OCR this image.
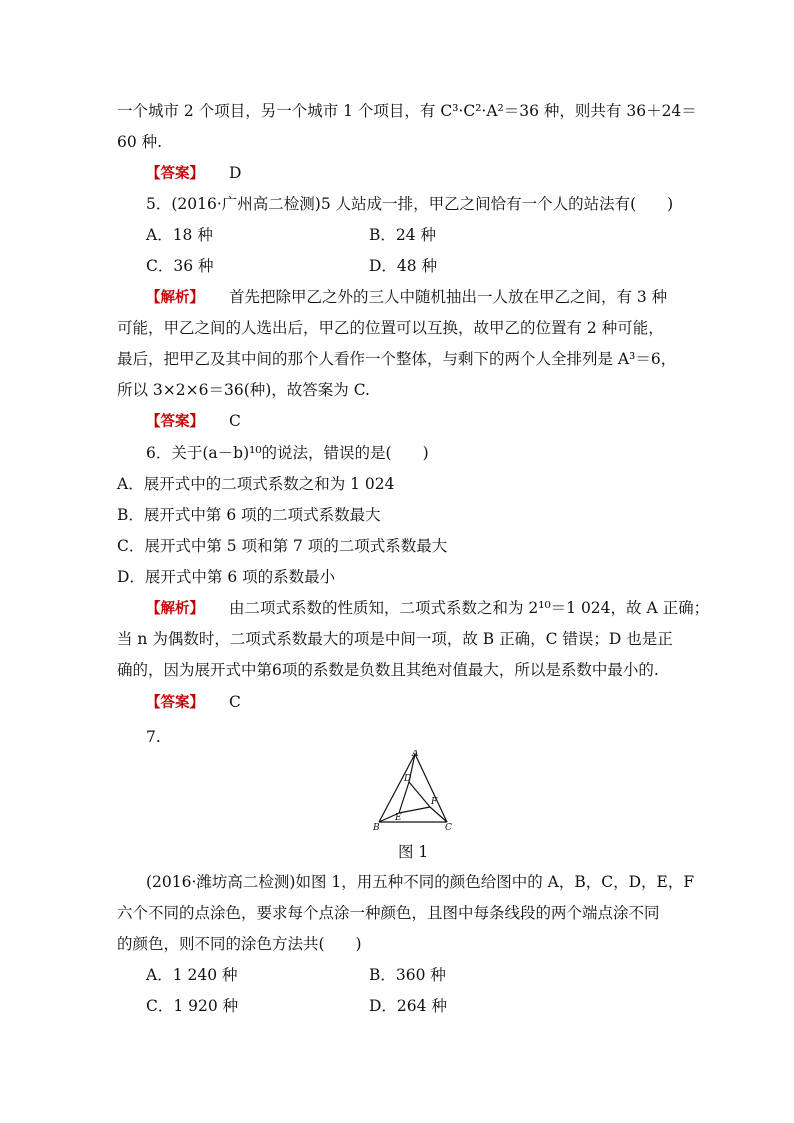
一个城市 2 个项目，另一个城市 1 个项目，有 C³·C²·A²＝36 种，则共有 36＋24＝
60 种.
【答案】 D
5．(2016·广州高二检测)5 人站成一排，甲乙之间恰有一个人的站法有(　　)
A．18 种	B．24 种
C．36 种	D．48 种
【解析】 首先把除甲乙之外的三人中随机抽出一人放在甲乙之间，有 3 种
可能，甲乙之间的人选出后，甲乙的位置可以互换，故甲乙的位置有 2 种可能，
最后，把甲乙及其中间的那个人看作一个整体，与剩下的两个人全排列是 A³＝6，
所以 3×2×6＝36(种)，故答案为 C.
【答案】 C
6．关于(a－b)¹⁰的说法，错误的是(　　)
A．展开式中的二项式系数之和为 1 024
B．展开式中第 6 项的二项式系数最大
C．展开式中第 5 项和第 7 项的二项式系数最大
D．展开式中第 6 项的系数最小
【解析】 由二项式系数的性质知，二项式系数之和为 2¹⁰＝1 024，故 A 正确；
当 n 为偶数时，二项式系数最大的项是中间一项，故 B 正确，C 错误；D 也是正
确的，因为展开式中第6项的系数是负数且其绝对值最大，所以是系数中最小的.
【答案】 C
7.
A
B	C
D
E
F
图 1
(2016·潍坊高二检测)如图 1，用五种不同的颜色给图中的 A，B，C，D，E，F
六个不同的点涂色，要求每个点涂一种颜色，且图中每条线段的两个端点涂不同
的颜色，则不同的涂色方法共(　　)
A．1 240 种	B．360 种
C．1 920 种	D．264 种
